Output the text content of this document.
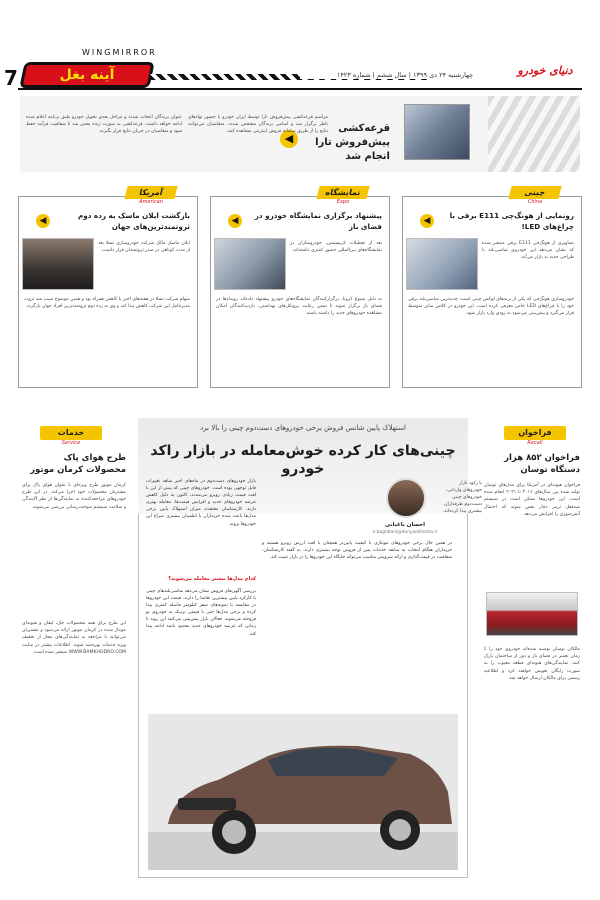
WINGMIRROR
7	آینه بغل	چهارشنبه ۲۴ دی ۱۳۹۹ | سال ششم | شماره ۱۴۲۳	دنیای خودرو
قرعه‌کشی پیش‌فروش تارا انجام شد
◀
مراسم قرعه‌کشی پیش‌فروش تارا توسط ایران خودرو با حضور نهادهای ناظر برگزار شد و اسامی برندگان مشخص شدند. متقاضیان می‌توانند نتایج را از طریق سامانه فروش اینترنتی مشاهده کنند.
عنوان برندگان انتخاب شدند و مراحل بعدی تحویل خودرو طبق برنامه اعلام شده ادامه خواهد داشت. قرعه‌کشی به صورت زنده پخش شد تا شفافیت فرآیند حفظ شود و متقاضیان در جریان نتایج قرار بگیرند.
چینی
China
رونمایی از هونگ‌چی E111 برقی با چراغ‌های LED!
◀
تصاویری از هونگ‌چی E111 برقی منتشر شده که نشان می‌دهد این خودروی شاسی‌بلند با طراحی جدید به بازار می‌آید.
خودروسازی هونگ‌چی که یکی از برندهای لوکس چینی است، جدیدترین شاسی‌بلند برقی خود را با چراغ‌های LED خاص معرفی کرده است. این خودرو در کلاس سایز متوسط قرار می‌گیرد و پیش‌بینی می‌شود به زودی وارد بازار شود.
نمایشگاه
Expo
پیشنهاد برگزاری نمایشگاه خودرو در فضای باز
◀
بعد از تعطیلات کریسمس، خودروسازان در نمایشگاه‌های بین‌المللی حضور کمتری داشته‌اند.
به دلیل شیوع کرونا، برگزارکنندگان نمایشگاه‌های خودرو پیشنهاد داده‌اند رویدادها در فضای باز برگزار شوند تا ضمن رعایت پروتکل‌های بهداشتی، بازدیدکنندگان امکان مشاهده خودروهای جدید را داشته باشند.
آمریکا
American
بازگشت ایلان ماسک به رده دوم ثروتمندترین‌های جهان
◀
ایلان ماسک مالک شرکت خودروسازی تسلا بعد از مدت کوتاهی در صدر ثروتمندان قرار داشت.
سهام شرکت تسلا در هفته‌های اخیر با کاهش همراه بود و همین موضوع سبب شد ثروت مدیرعامل این شرکت کاهش پیدا کند و وی به رده دوم ثروتمندترین افراد جهان بازگردد.
فراخوان
Recall
فراخوان ۸۵۲ هزار دستگاه توسان
فراخوان هیوندای در آمریکا برای مدل‌های توسان تولید شده بین سال‌های ۲۰۱۶ تا ۲۰۲۱ انجام شده است. این خودروها ممکن است در سیستم ضدقفل ترمز دچار نقص شوند که احتمال آتش‌سوزی را افزایش می‌دهد.
مالکان توسان توصیه شده‌اند خودروی خود را تا زمان تعمیر در فضای باز و دور از ساختمان پارک کنند. نمایندگی‌های هیوندای قطعه معیوب را به صورت رایگان تعویض خواهند کرد و اطلاعیه رسمی برای مالکان ارسال خواهد شد.
خدمات
Service
طرح هوای پاک محصولات کرمان موتور
کرمان موتور طرح ویژه‌ای با عنوان هوای پاک برای مشتریان محصولات خود اجرا می‌کند. در این طرح خودروهای مراجعه‌کننده به نمایندگی‌ها از نظر آلایندگی و سلامت سیستم سوخت‌رسانی بررسی می‌شوند.
این طرح برای همه محصولات جک، لیفان و هیوندای مونتاژ شده در کرمان موتور ارائه می‌شود و مشتریان می‌توانند با مراجعه به نمایندگی‌های مجاز از تخفیف ویژه خدمات بهره‌مند شوند. اطلاعات بیشتر در سایت WWW.BAMKHODRO.COM منتشر شده است.
استهلاک پایین شانس فروش برخی خودروهای دست‌دوم چینی را بالا برد
چینی‌های کار کرده خوش‌معامله در بازار راکد خودرو
احسان باغبانی
e.baghbani@donyaekhodro.ir
با رکود بازار خودروهای وارداتی، خودروهای چینی دست‌دوم طرفداران بیشتری پیدا کرده‌اند.
بازار خودروهای دست‌دوم در ماه‌های اخیر شاهد تغییرات قابل توجهی بوده است. خودروهای چینی که پیش از این با افت قیمت زیادی روبرو می‌شدند، اکنون به دلیل کاهش عرضه خودروهای جدید و افزایش قیمت‌ها، معامله بهتری دارند. کارشناسان معتقدند میزان استهلاک پایین برخی مدل‌ها باعث شده خریداران با اطمینان بیشتری سراغ این خودروها بروند.
کدام مدل‌ها بیشتر معامله می‌شوند؟
بررسی آگهی‌های فروش نشان می‌دهد شاسی‌بلندهای چینی با کارکرد پایین بیشترین تقاضا را دارند. قیمت این خودروها در مقایسه با نمونه‌های صفر کیلومتر فاصله کمتری پیدا کرده و برخی مدل‌ها حتی با قیمتی نزدیک به خودروی نو فروخته می‌شوند. فعالان بازار پیش‌بینی می‌کنند این روند تا زمانی که عرضه خودروهای جدید محدود باشد ادامه پیدا کند.
در همین حال برخی خودروهای مونتاژی با کیفیت پایین‌تر همچنان با افت ارزش روبرو هستند و خریداران هنگام انتخاب به سابقه خدمات پس از فروش توجه بیشتری دارند. به گفته کارشناسان، شفافیت در قیمت‌گذاری و ارائه سرویس مناسب می‌تواند جایگاه این خودروها را در بازار تثبیت کند.
